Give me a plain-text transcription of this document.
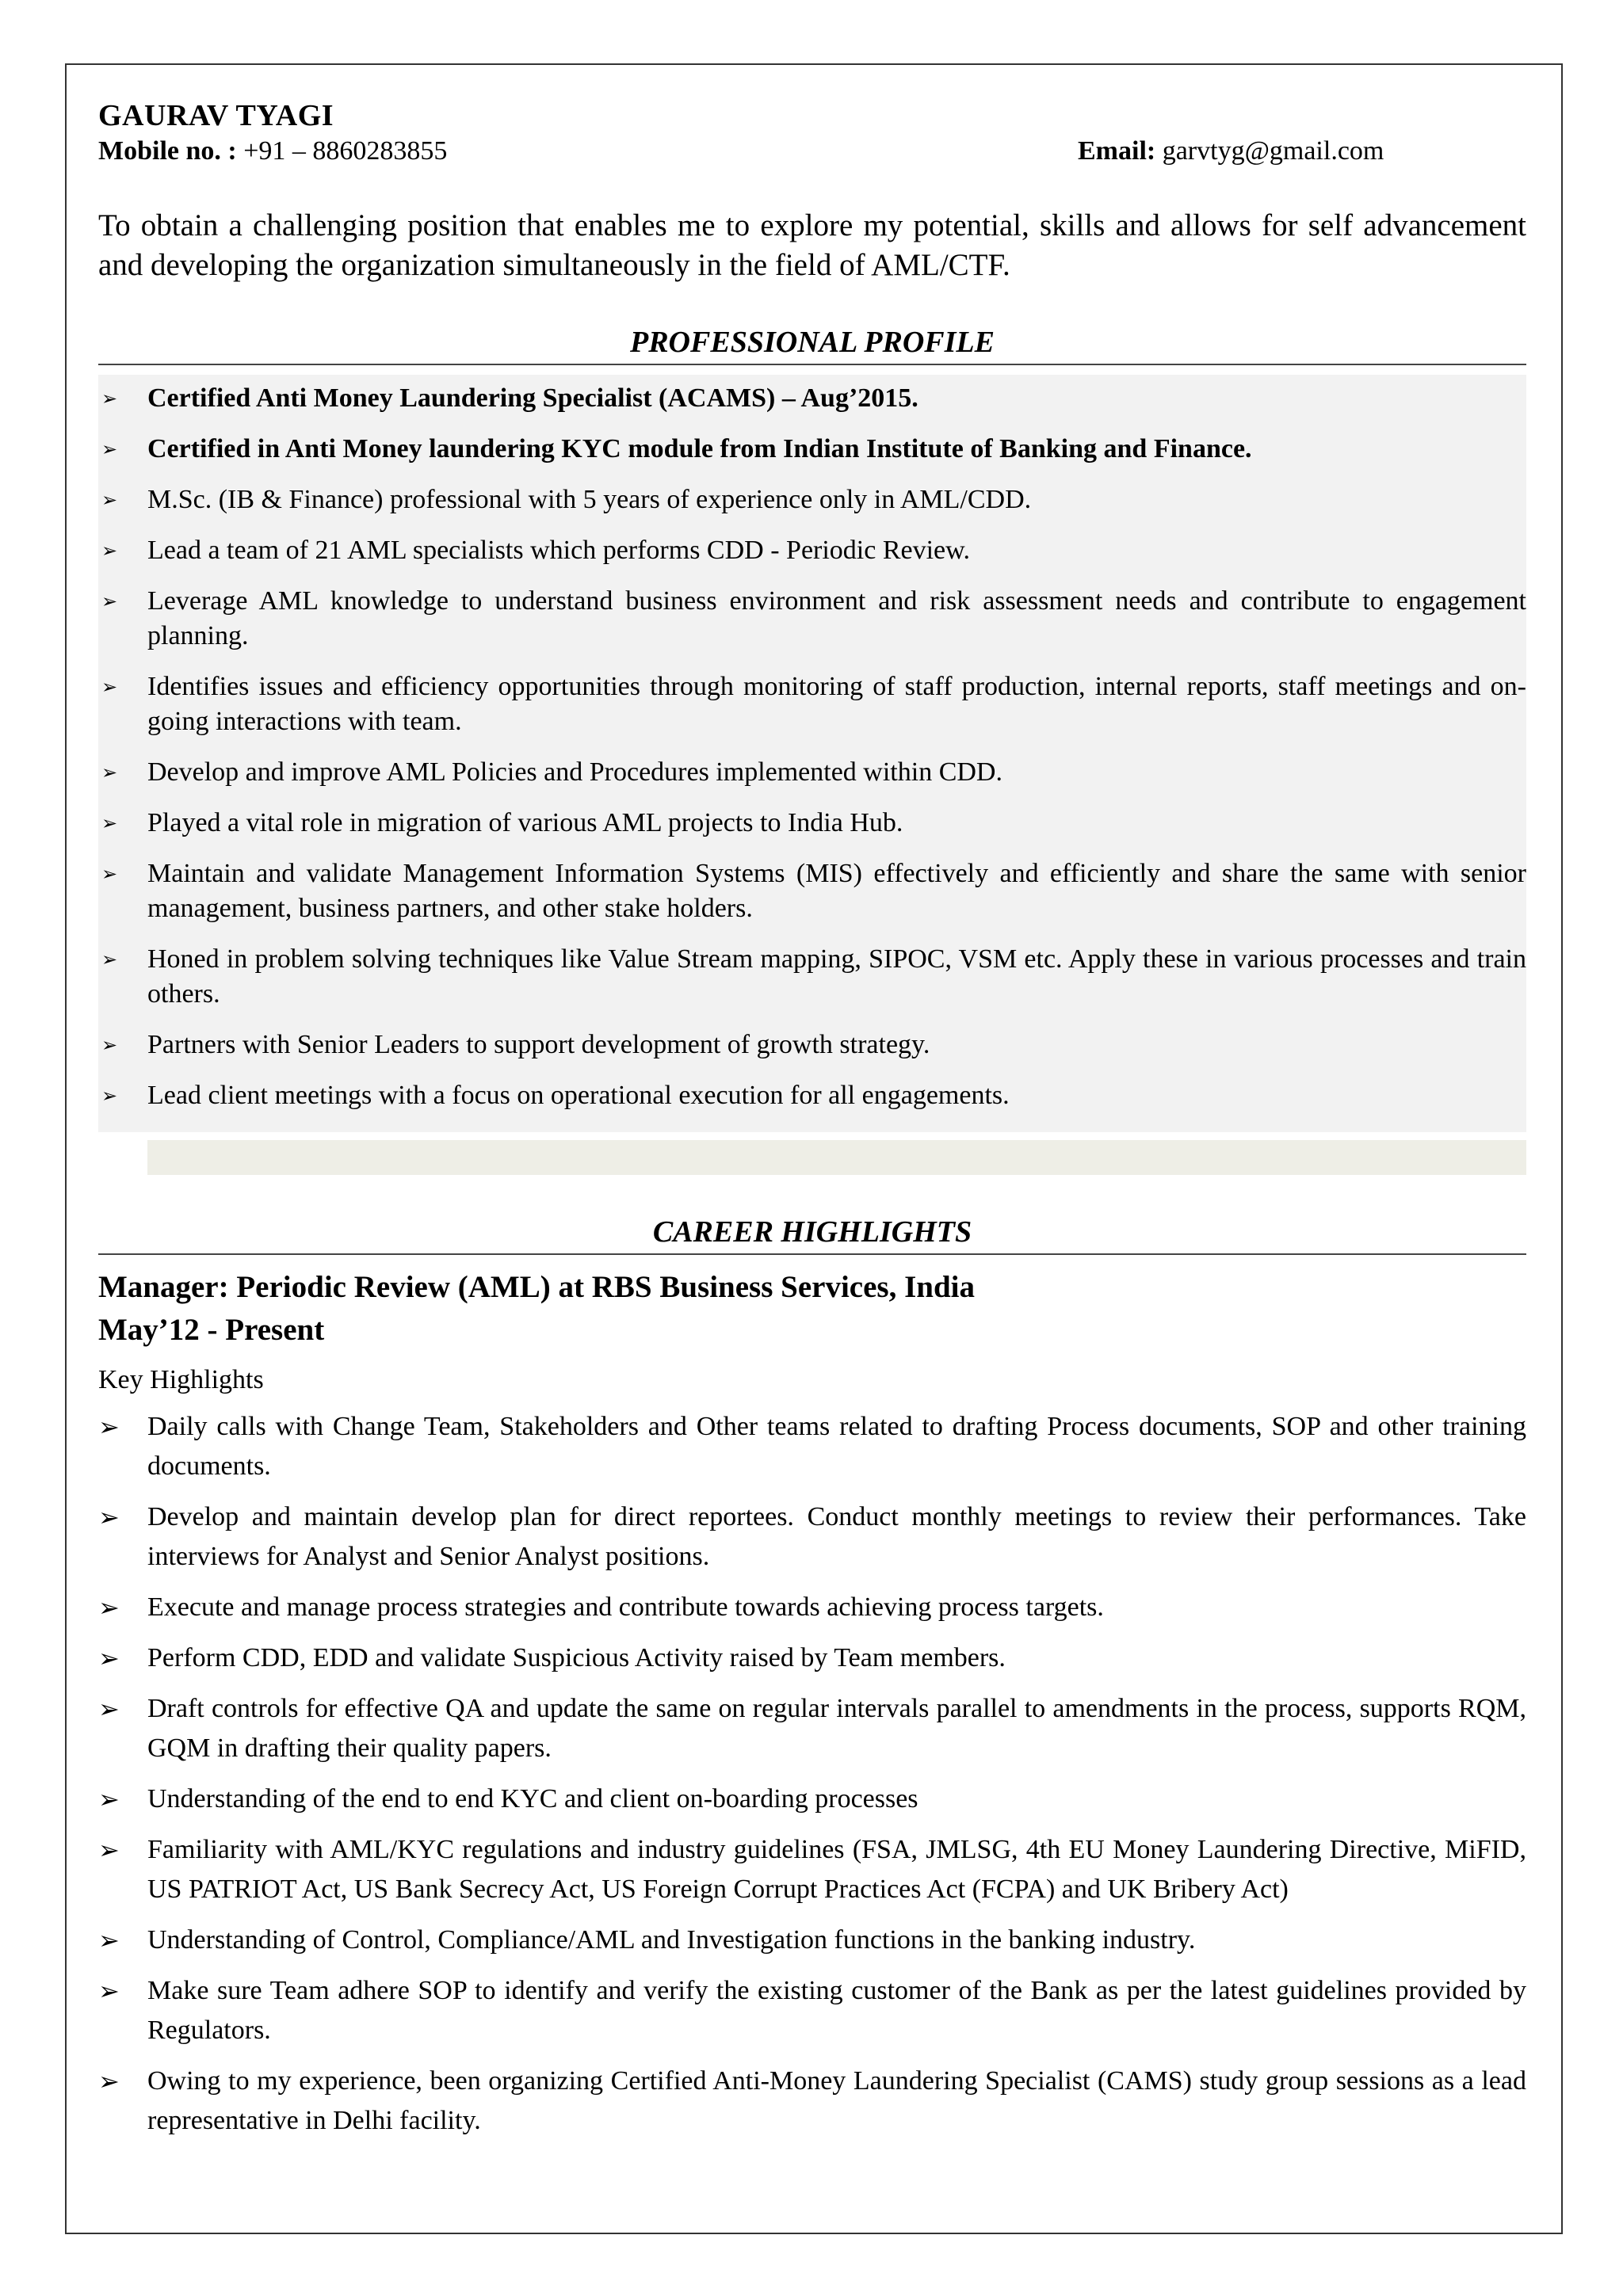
GAURAV TYAGI
Mobile no. : +91 – 8860283855	Email: garvtyg@gmail.com
To obtain a challenging position that enables me to explore my potential, skills and allows for self advancement and developing the organization simultaneously in the field of AML/CTF.
PROFESSIONAL PROFILE
➢	Certified Anti Money Laundering Specialist (ACAMS) – Aug’2015.
➢	Certified in Anti Money laundering KYC module from Indian Institute of Banking and Finance.
➢	M.Sc. (IB & Finance) professional with 5 years of experience only in AML/CDD.
➢	Lead a team of 21 AML specialists which performs CDD - Periodic Review.
➢	Leverage AML knowledge to understand business environment and risk assessment needs and contribute to engagement planning.
➢	Identifies issues and efficiency opportunities through monitoring of staff production, internal reports, staff meetings and on-going interactions with team.
➢	Develop and improve AML Policies and Procedures implemented within CDD.
➢	Played a vital role in migration of various AML projects to India Hub.
➢	Maintain and validate Management Information Systems (MIS) effectively and efficiently and share the same with senior management, business partners, and other stake holders.
➢	Honed in problem solving techniques like Value Stream mapping, SIPOC, VSM etc. Apply these in various processes and train others.
➢	Partners with Senior Leaders to support development of growth strategy.
➢	Lead client meetings with a focus on operational execution for all engagements.
CAREER HIGHLIGHTS
Manager: Periodic Review (AML) at RBS Business Services, India
May’12 - Present
Key Highlights
➢	Daily calls with Change Team, Stakeholders and Other teams related to drafting Process documents, SOP and other training documents.
➢	Develop and maintain develop plan for direct reportees. Conduct monthly meetings to review their performances. Take interviews for Analyst and Senior Analyst positions.
➢	Execute and manage process strategies and contribute towards achieving process targets.
➢	Perform CDD, EDD and validate Suspicious Activity raised by Team members.
➢	Draft controls for effective QA and update the same on regular intervals parallel to amendments in the process, supports RQM, GQM in drafting their quality papers.
➢	Understanding of the end to end KYC and client on-boarding processes
➢	Familiarity with AML/KYC regulations and industry guidelines (FSA, JMLSG, 4th EU Money Laundering Directive, MiFID, US PATRIOT Act, US Bank Secrecy Act, US Foreign Corrupt Practices Act (FCPA) and UK Bribery Act)
➢	Understanding of Control, Compliance/AML and Investigation functions in the banking industry.
➢	Make sure Team adhere SOP to identify and verify the existing customer of the Bank as per the latest guidelines provided by Regulators.
➢	Owing to my experience, been organizing Certified Anti-Money Laundering Specialist (CAMS) study group sessions as a lead representative in Delhi facility.
